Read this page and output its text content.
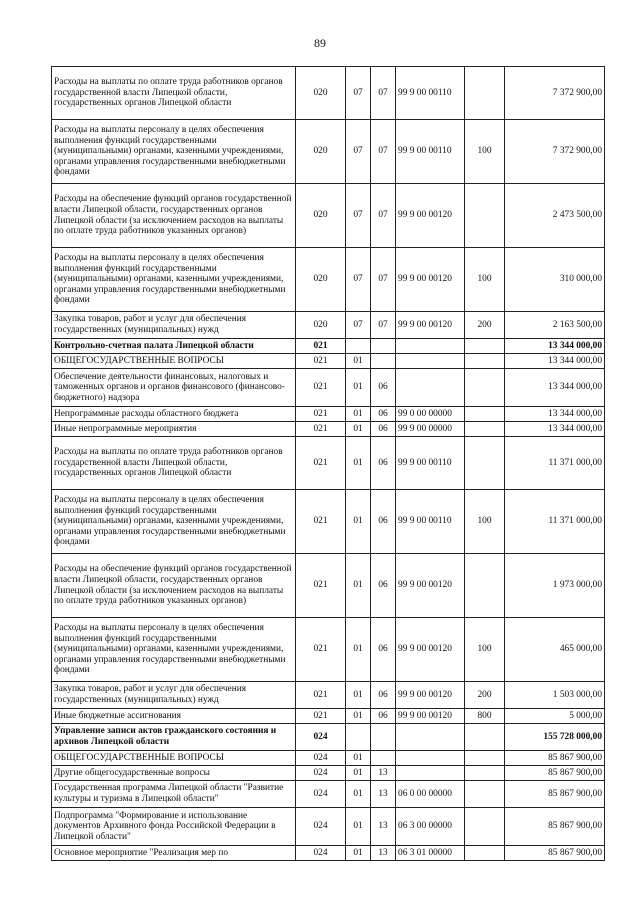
89
Расходы на выплаты по оплате труда работников органов государственной власти Липецкой области, государственных органов Липецкой области	020	07	07	99 9 00 00110		7 372 900,00
Расходы на выплаты персоналу в целях обеспечения выполнения функций государственными (муниципальными) органами, казенными учреждениями, органами управления государственными внебюджетными фондами	020	07	07	99 9 00 00110	100	7 372 900,00
Расходы на обеспечение функций органов государственной власти Липецкой области, государственных органов Липецкой области (за исключением расходов на выплаты по оплате труда работников указанных органов)	020	07	07	99 9 00 00120		2 473 500,00
Расходы на выплаты персоналу в целях обеспечения выполнения функций государственными (муниципальными) органами, казенными учреждениями, органами управления государственными внебюджетными фондами	020	07	07	99 9 00 00120	100	310 000,00
Закупка товаров, работ и услуг для обеспечения государственных (муниципальных) нужд	020	07	07	99 9 00 00120	200	2 163 500,00
Контрольно-счетная палата Липецкой области	021					13 344 000,00
ОБЩЕГОСУДАРСТВЕННЫЕ ВОПРОСЫ	021	01				13 344 000,00
Обеспечение деятельности финансовых, налоговых и таможенных органов и органов финансового (финансово-бюджетного) надзора	021	01	06			13 344 000,00
Непрограммные расходы областного бюджета	021	01	06	99 0 00 00000		13 344 000,00
Иные непрограммные мероприятия	021	01	06	99 9 00 00000		13 344 000,00
Расходы на выплаты по оплате труда работников органов государственной власти Липецкой области, государственных органов Липецкой области	021	01	06	99 9 00 00110		11 371 000,00
Расходы на выплаты персоналу в целях обеспечения выполнения функций государственными (муниципальными) органами, казенными учреждениями, органами управления государственными внебюджетными фондами	021	01	06	99 9 00 00110	100	11 371 000,00
Расходы на обеспечение функций органов государственной власти Липецкой области, государственных органов Липецкой области (за исключением расходов на выплаты по оплате труда работников указанных органов)	021	01	06	99 9 00 00120		1 973 000,00
Расходы на выплаты персоналу в целях обеспечения выполнения функций государственными (муниципальными) органами, казенными учреждениями, органами управления государственными внебюджетными фондами	021	01	06	99 9 00 00120	100	465 000,00
Закупка товаров, работ и услуг для обеспечения государственных (муниципальных) нужд	021	01	06	99 9 00 00120	200	1 503 000,00
Иные бюджетные ассигнования	021	01	06	99 9 00 00120	800	5 000,00
Управление записи актов гражданского состояния и архивов Липецкой области	024					155 728 000,00
ОБЩЕГОСУДАРСТВЕННЫЕ ВОПРОСЫ	024	01				85 867 900,00
Другие общегосударственные вопросы	024	01	13			85 867 900,00
Государственная программа Липецкой области "Развитие культуры и туризма в Липецкой области"	024	01	13	06 0 00 00000		85 867 900,00
Подпрограмма "Формирование и использование документов Архивного фонда Российской Федерации в Липецкой области"	024	01	13	06 3 00 00000		85 867 900,00
Основное мероприятие "Реализация мер по	024	01	13	06 3 01 00000		85 867 900,00
